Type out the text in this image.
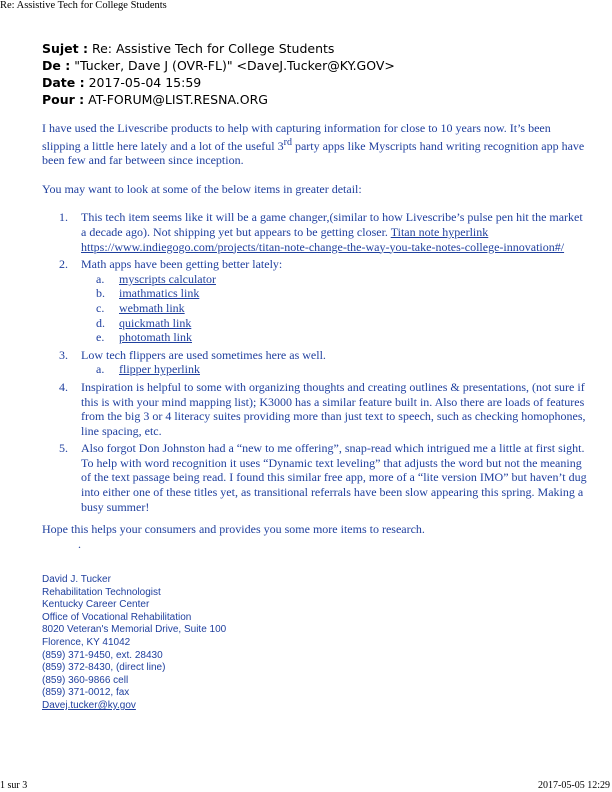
Re: Assistive Tech for College Students
Sujet : Re: Assistive Tech for College Students
De : "Tucker, Dave J (OVR-FL)" <DaveJ.Tucker@KY.GOV>
Date : 2017-05-04 15:59
Pour : AT-FORUM@LIST.RESNA.ORG

I have used the Livescribe products to help with capturing information for close to 10 years now. It’s been slipping a little here lately and a lot of the useful 3rd party apps like Myscripts hand writing recognition app have been few and far between since inception.

You may want to look at some of the below items in greater detail:

1. This tech item seems like it will be a game changer,(similar to how Livescribe’s pulse pen hit the market a decade ago). Not shipping yet but appears to be getting closer. Titan note hyperlink
https://www.indiegogo.com/projects/titan-note-change-the-way-you-take-notes-college-innovation#/
2. Math apps have been getting better lately:
a. myscripts calculator
b. imathmatics link
c. webmath link
d. quickmath link
e. photomath link
3. Low tech flippers are used sometimes here as well.
a. flipper hyperlink
4. Inspiration is helpful to some with organizing thoughts and creating outlines & presentations, (not sure if this is with your mind mapping list); K3000 has a similar feature built in. Also there are loads of features from the big 3 or 4 literacy suites providing more than just text to speech, such as checking homophones, line spacing, etc.
5. Also forgot Don Johnston had a “new to me offering”, snap-read which intrigued me a little at first sight. To help with word recognition it uses “Dynamic text leveling” that adjusts the word but not the meaning of the text passage being read. I found this similar free app, more of a “lite version IMO” but haven’t dug into either one of these titles yet, as transitional referrals have been slow appearing this spring. Making a busy summer!

Hope this helps your consumers and provides you some more items to research.

.

David J. Tucker
Rehabilitation Technologist
Kentucky Career Center
Office of Vocational Rehabilitation
8020 Veteran's Memorial Drive, Suite 100
Florence, KY 41042
(859) 371-9450, ext. 28430
(859) 372-8430, (direct line)
(859) 360-9866 cell
(859) 371-0012, fax
Davej.tucker@ky.gov
1 sur 3	2017-05-05 12:29
